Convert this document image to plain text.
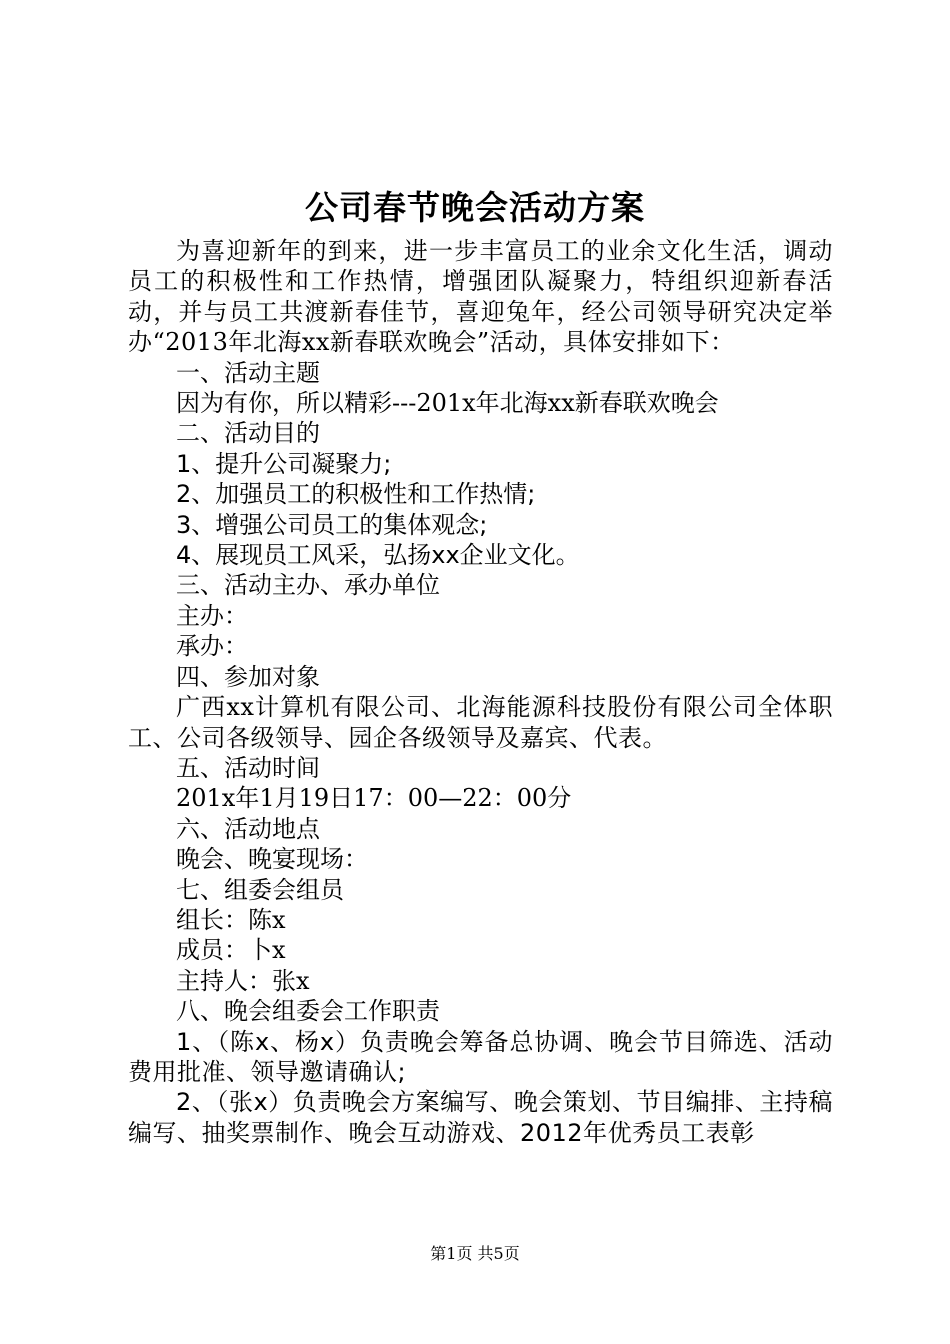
公司春节晚会活动方案

为喜迎新年的到来，进一步丰富员工的业余文化生活，调动员工的积极性和工作热情，增强团队凝聚力，特组织迎新春活动，并与员工共渡新春佳节，喜迎兔年，经公司领导研究决定举办“2013年北海xx新春联欢晚会”活动，具体安排如下：

一、活动主题

因为有你，所以精彩---201x年北海xx新春联欢晚会

二、活动目的

1、提升公司凝聚力;

2、加强员工的积极性和工作热情;

3、增强公司员工的集体观念;

4、展现员工风采，弘扬xx企业文化。

三、活动主办、承办单位

主办：

承办：

四、参加对象

广西xx计算机有限公司、北海能源科技股份有限公司全体职工、公司各级领导、园企各级领导及嘉宾、代表。

五、活动时间

201x年1月19日17：00—22：00分

六、活动地点

晚会、晚宴现场：

七、组委会组员

组长：陈x

成员：卜x

主持人：张x

八、晚会组委会工作职责

1、（陈x、杨x）负责晚会筹备总协调、晚会节目筛选、活动费用批准、领导邀请确认;

2、（张x）负责晚会方案编写、晚会策划、节目编排、主持稿编写、抽奖票制作、晚会互动游戏、2012年优秀员工表彰

第1页 共5页
